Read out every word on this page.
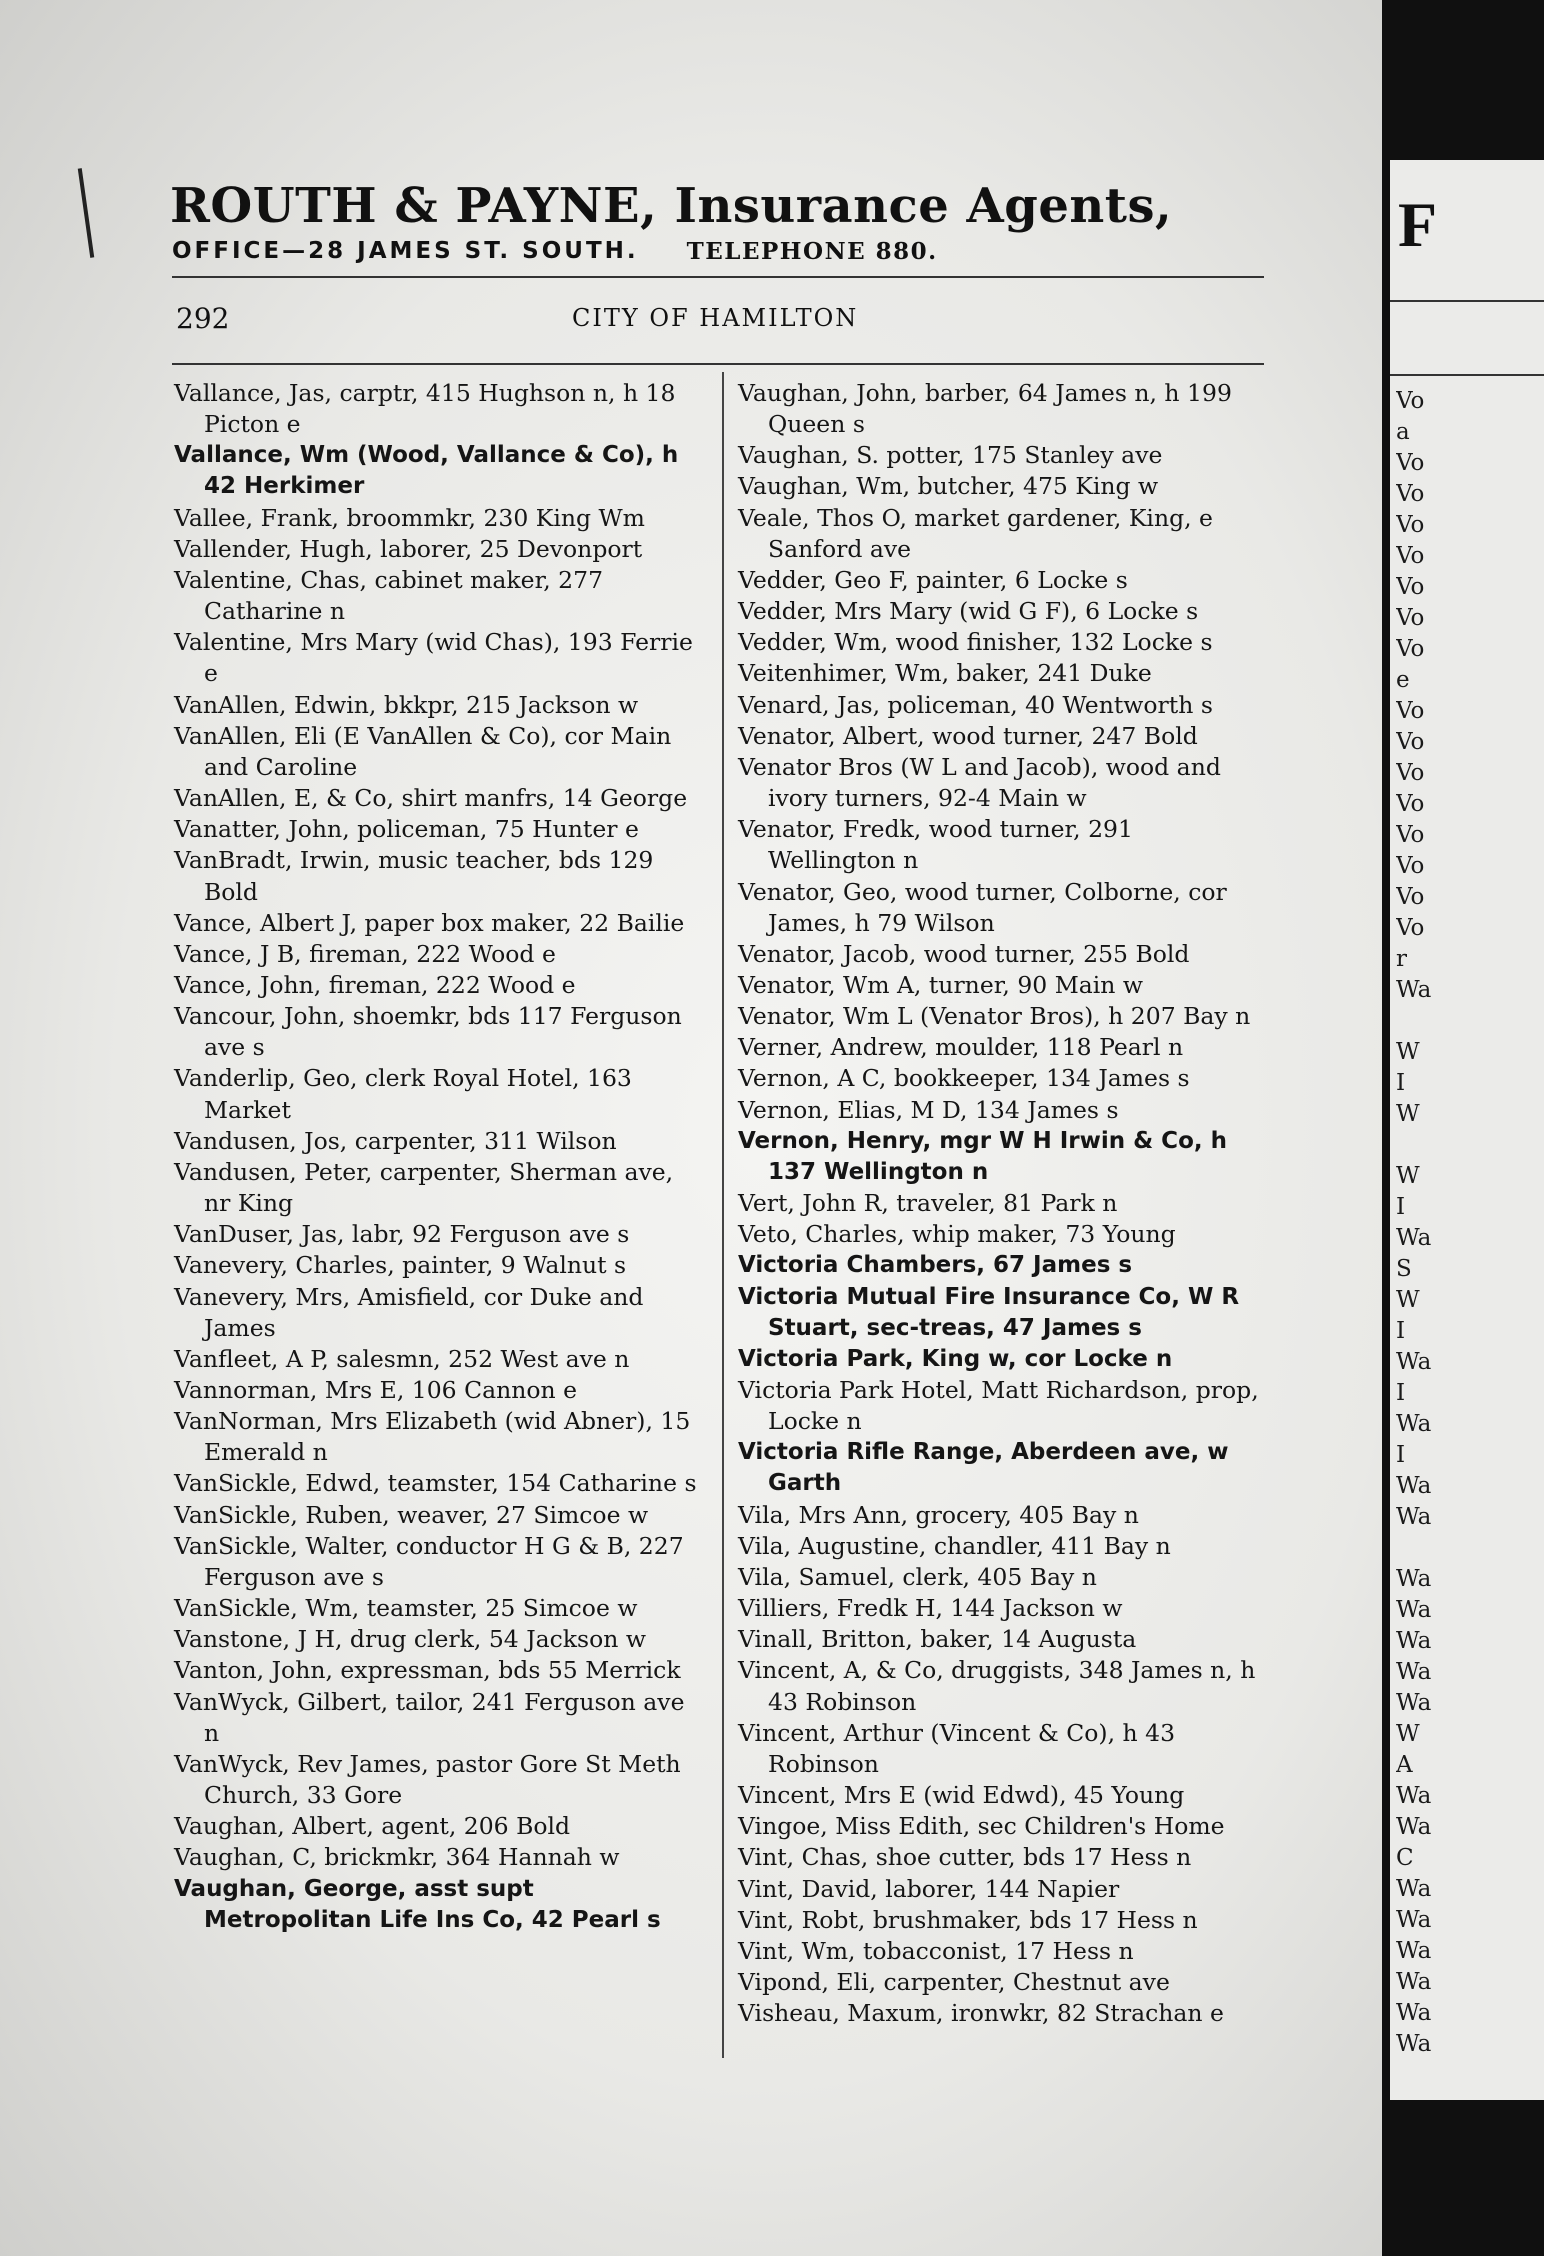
ROUTH & PAYNE, Insurance Agents,
OFFICE—28 JAMES ST. SOUTH. TELEPHONE 880.
292	CITY OF HAMILTON

Vallance, Jas, carptr, 415 Hughson n, h 18 Picton e

Vallance, Wm (Wood, Vallance & Co), h 42 Herkimer

Vallee, Frank, broommkr, 230 King Wm

Vallender, Hugh, laborer, 25 Devonport

Valentine, Chas, cabinet maker, 277 Catharine n

Valentine, Mrs Mary (wid Chas), 193 Ferrie e

VanAllen, Edwin, bkkpr, 215 Jackson w

VanAllen, Eli (E VanAllen & Co), cor Main and Caroline

VanAllen, E, & Co, shirt manfrs, 14 George

Vanatter, John, policeman, 75 Hunter e

VanBradt, Irwin, music teacher, bds 129 Bold

Vance, Albert J, paper box maker, 22 Bailie

Vance, J B, fireman, 222 Wood e

Vance, John, fireman, 222 Wood e

Vancour, John, shoemkr, bds 117 Ferguson ave s

Vanderlip, Geo, clerk Royal Hotel, 163 Market

Vandusen, Jos, carpenter, 311 Wilson

Vandusen, Peter, carpenter, Sherman ave, nr King

VanDuser, Jas, labr, 92 Ferguson ave s

Vanevery, Charles, painter, 9 Walnut s

Vanevery, Mrs, Amisfield, cor Duke and James

Vanfleet, A P, salesmn, 252 West ave n

Vannorman, Mrs E, 106 Cannon e

VanNorman, Mrs Elizabeth (wid Abner), 15 Emerald n

VanSickle, Edwd, teamster, 154 Catharine s

VanSickle, Ruben, weaver, 27 Simcoe w

VanSickle, Walter, conductor H G & B, 227 Ferguson ave s

VanSickle, Wm, teamster, 25 Simcoe w

Vanstone, J H, drug clerk, 54 Jackson w

Vanton, John, expressman, bds 55 Merrick

VanWyck, Gilbert, tailor, 241 Ferguson ave n

VanWyck, Rev James, pastor Gore St Meth Church, 33 Gore

Vaughan, Albert, agent, 206 Bold

Vaughan, C, brickmkr, 364 Hannah w

Vaughan, George, asst supt Metropolitan Life Ins Co, 42 Pearl s

Vaughan, John, barber, 64 James n, h 199 Queen s

Vaughan, S. potter, 175 Stanley ave

Vaughan, Wm, butcher, 475 King w

Veale, Thos O, market gardener, King, e Sanford ave

Vedder, Geo F, painter, 6 Locke s

Vedder, Mrs Mary (wid G F), 6 Locke s

Vedder, Wm, wood finisher, 132 Locke s

Veitenhimer, Wm, baker, 241 Duke

Venard, Jas, policeman, 40 Wentworth s

Venator, Albert, wood turner, 247 Bold

Venator Bros (W L and Jacob), wood and ivory turners, 92-4 Main w

Venator, Fredk, wood turner, 291 Wellington n

Venator, Geo, wood turner, Colborne, cor James, h 79 Wilson

Venator, Jacob, wood turner, 255 Bold

Venator, Wm A, turner, 90 Main w

Venator, Wm L (Venator Bros), h 207 Bay n

Verner, Andrew, moulder, 118 Pearl n

Vernon, A C, bookkeeper, 134 James s

Vernon, Elias, M D, 134 James s

Vernon, Henry, mgr W H Irwin & Co, h 137 Wellington n

Vert, John R, traveler, 81 Park n

Veto, Charles, whip maker, 73 Young

Victoria Chambers, 67 James s

Victoria Mutual Fire Insurance Co, W R Stuart, sec-treas, 47 James s

Victoria Park, King w, cor Locke n

Victoria Park Hotel, Matt Richardson, prop, Locke n

Victoria Rifle Range, Aberdeen ave, w Garth

Vila, Mrs Ann, grocery, 405 Bay n

Vila, Augustine, chandler, 411 Bay n

Vila, Samuel, clerk, 405 Bay n

Villiers, Fredk H, 144 Jackson w

Vinall, Britton, baker, 14 Augusta

Vincent, A, & Co, druggists, 348 James n, h 43 Robinson

Vincent, Arthur (Vincent & Co), h 43 Robinson

Vincent, Mrs E (wid Edwd), 45 Young

Vingoe, Miss Edith, sec Children's Home

Vint, Chas, shoe cutter, bds 17 Hess n

Vint, David, laborer, 144 Napier

Vint, Robt, brushmaker, bds 17 Hess n

Vint, Wm, tobacconist, 17 Hess n

Vipond, Eli, carpenter, Chestnut ave

Visheau, Maxum, ironwkr, 82 Strachan e

F
Vo
a
Vo
Vo
Vo
Vo
Vo
Vo
Vo
e
Vo
Vo
Vo
Vo
Vo
Vo
Vo
Vo
r
Wa
W
I
W
W
I
Wa
S
W
I
Wa
I
Wa
I
Wa
Wa
Wa
Wa
Wa
Wa
Wa
W
A
Wa
Wa
C
Wa
Wa
Wa
Wa
Wa
Wa
